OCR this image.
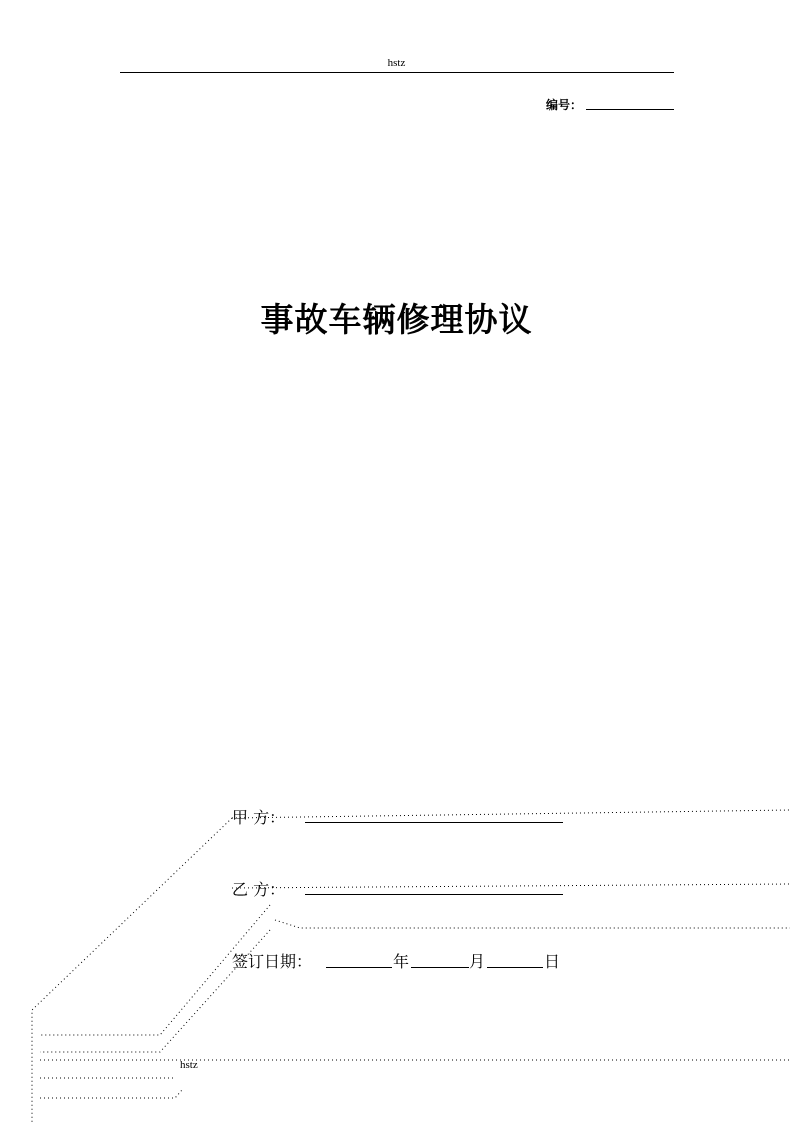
hstz
编号：
事故车辆修理协议
甲 方：
乙 方：
签订日期：	年	月	日
hstz
